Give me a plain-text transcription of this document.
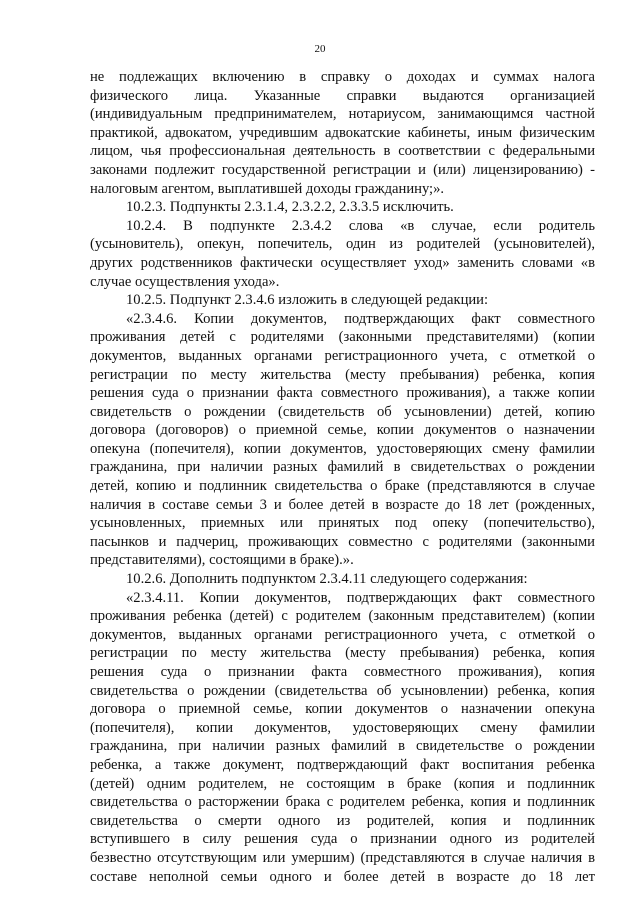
20
не подлежащих включению в справку о доходах и суммах налога
физического лица. Указанные справки выдаются организацией
(индивидуальным предпринимателем, нотариусом, занимающимся частной
практикой, адвокатом, учредившим адвокатские кабинеты, иным физическим
лицом, чья профессиональная деятельность в соответствии с федеральными
законами подлежит государственной регистрации и (или) лицензированию) -
налоговым агентом, выплатившей доходы гражданину;».
10.2.3. Подпункты 2.3.1.4, 2.3.2.2, 2.3.3.5 исключить.
10.2.4. В подпункте 2.3.4.2 слова «в случае, если родитель
(усыновитель), опекун, попечитель, один из родителей (усыновителей),
других родственников фактически осуществляет уход» заменить словами «в
случае осуществления ухода».
10.2.5. Подпункт 2.3.4.6 изложить в следующей редакции:
«2.3.4.6. Копии документов, подтверждающих факт совместного
проживания детей с родителями (законными представителями) (копии
документов, выданных органами регистрационного учета, с отметкой о
регистрации по месту жительства (месту пребывания) ребенка, копия
решения суда о признании факта совместного проживания), а также копии
свидетельств о рождении (свидетельств об усыновлении) детей, копию
договора (договоров) о приемной семье, копии документов о назначении
опекуна (попечителя), копии документов, удостоверяющих смену фамилии
гражданина, при наличии разных фамилий в свидетельствах о рождении
детей, копию и подлинник свидетельства о браке (представляются в случае
наличия в составе семьи 3 и более детей в возрасте до 18 лет (рожденных,
усыновленных, приемных или принятых под опеку (попечительство),
пасынков и падчериц, проживающих совместно с родителями (законными
представителями), состоящими в браке).».
10.2.6. Дополнить подпунктом 2.3.4.11 следующего содержания:
«2.3.4.11. Копии документов, подтверждающих факт совместного
проживания ребенка (детей) с родителем (законным представителем) (копии
документов, выданных органами регистрационного учета, с отметкой о
регистрации по месту жительства (месту пребывания) ребенка, копия
решения суда о признании факта совместного проживания), копия
свидетельства о рождении (свидетельства об усыновлении) ребенка, копия
договора о приемной семье, копии документов о назначении опекуна
(попечителя), копии документов, удостоверяющих смену фамилии
гражданина, при наличии разных фамилий в свидетельстве о рождении
ребенка, а также документ, подтверждающий факт воспитания ребенка
(детей) одним родителем, не состоящим в браке (копия и подлинник
свидетельства о расторжении брака с родителем ребенка, копия и подлинник
свидетельства о смерти одного из родителей, копия и подлинник
вступившего в силу решения суда о признании одного из родителей
безвестно отсутствующим или умершим) (представляются в случае наличия в
составе неполной семьи одного и более детей в возрасте до 18 лет
